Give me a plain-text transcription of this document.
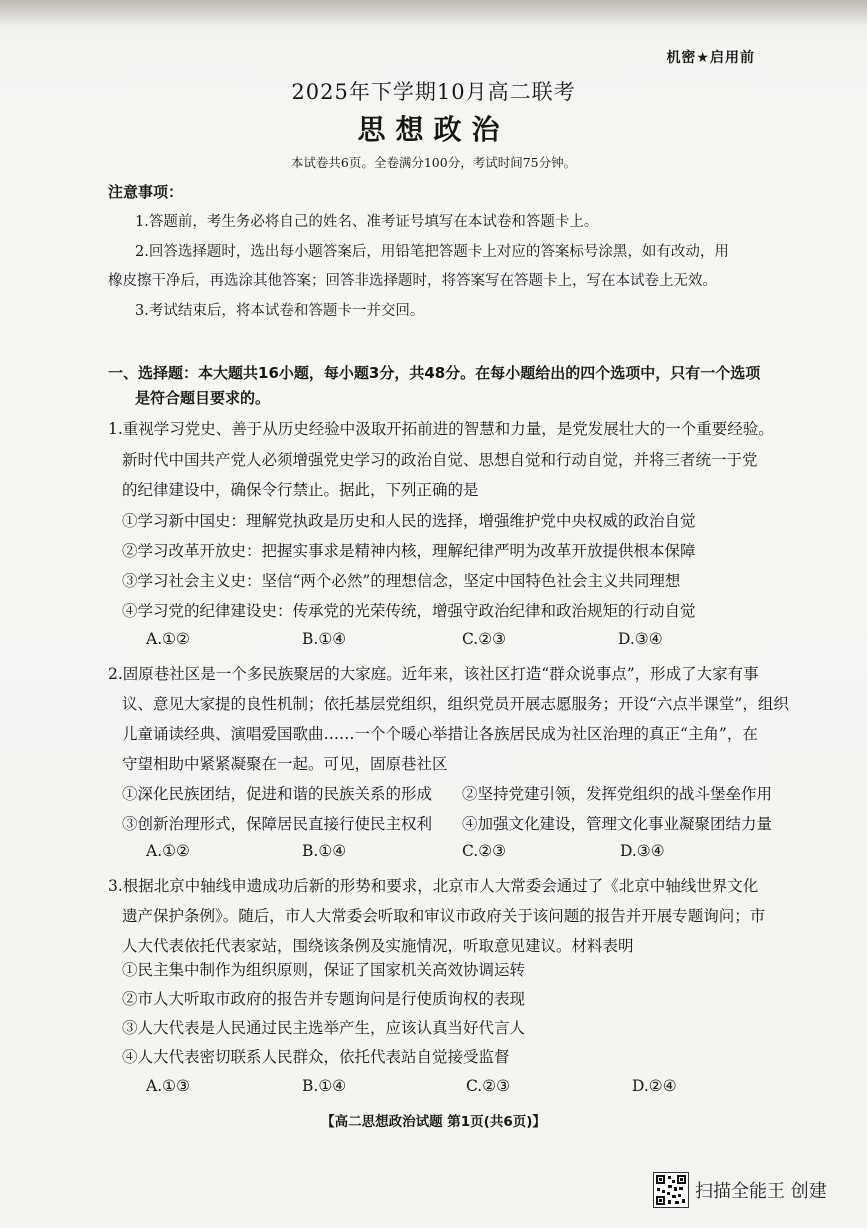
机密★启用前
2025年下学期10月高二联考
思想政治
本试卷共6页。全卷满分100分，考试时间75分钟。
注意事项：
1.答题前，考生务必将自己的姓名、准考证号填写在本试卷和答题卡上。
2.回答选择题时，选出每小题答案后，用铅笔把答题卡上对应的答案标号涂黑，如有改动，用
橡皮擦干净后，再选涂其他答案；回答非选择题时，将答案写在答题卡上，写在本试卷上无效。
3.考试结束后，将本试卷和答题卡一并交回。
一、选择题：本大题共16小题，每小题3分，共48分。在每小题给出的四个选项中，只有一个选项
是符合题目要求的。
1.重视学习党史、善于从历史经验中汲取开拓前进的智慧和力量，是党发展壮大的一个重要经验。
新时代中国共产党人必须增强党史学习的政治自觉、思想自觉和行动自觉，并将三者统一于党
的纪律建设中，确保令行禁止。据此，下列正确的是
①学习新中国史：理解党执政是历史和人民的选择，增强维护党中央权威的政治自觉
②学习改革开放史：把握实事求是精神内核，理解纪律严明为改革开放提供根本保障
③学习社会主义史：坚信“两个必然”的理想信念，坚定中国特色社会主义共同理想
④学习党的纪律建设史：传承党的光荣传统，增强守政治纪律和政治规矩的行动自觉
A.①②	B.①④	C.②③	D.③④
2.固原巷社区是一个多民族聚居的大家庭。近年来，该社区打造“群众说事点”，形成了大家有事
议、意见大家提的良性机制；依托基层党组织，组织党员开展志愿服务；开设“六点半课堂”，组织
儿童诵读经典、演唱爱国歌曲……一个个暖心举措让各族居民成为社区治理的真正“主角”，在
守望相助中紧紧凝聚在一起。可见，固原巷社区
①深化民族团结，促进和谐的民族关系的形成 ②坚持党建引领，发挥党组织的战斗堡垒作用
③创新治理形式，保障居民直接行使民主权利 ④加强文化建设，管理文化事业凝聚团结力量
A.①②	B.①④	C.②③	D.③④
3.根据北京中轴线申遗成功后新的形势和要求，北京市人大常委会通过了《北京中轴线世界文化
遗产保护条例》。随后，市人大常委会听取和审议市政府关于该问题的报告并开展专题询问；市
人大代表依托代表家站，围绕该条例及实施情况，听取意见建议。材料表明
①民主集中制作为组织原则，保证了国家机关高效协调运转
②市人大听取市政府的报告并专题询问是行使质询权的表现
③人大代表是人民通过民主选举产生，应该认真当好代言人
④人大代表密切联系人民群众，依托代表站自觉接受监督
【高二思想政治试题 第1页(共6页)】
扫描全能王 创建
A.①③	B.①④	C.②③	D.②④
